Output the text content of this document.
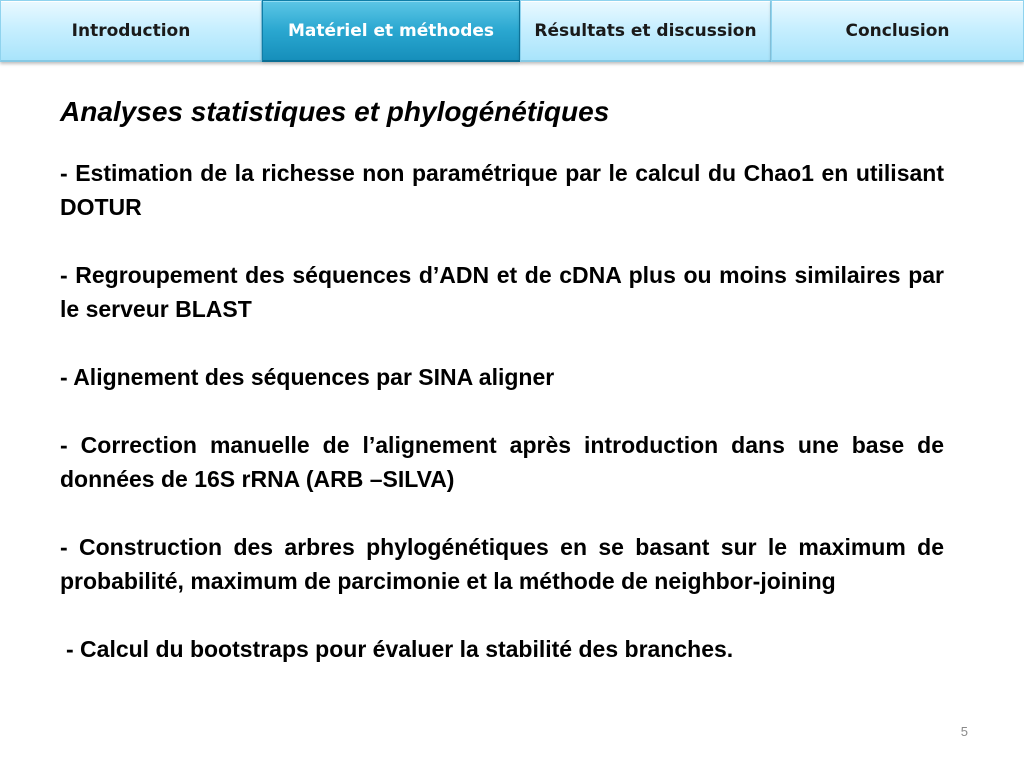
Introduction	Matériel et méthodes	Résultats et discussion	Conclusion
Analyses statistiques et phylogénétiques

- Estimation de la richesse non paramétrique par le calcul du Chao1 en utilisant DOTUR

- Regroupement des séquences d’ADN et de cDNA plus ou moins similaires par le serveur BLAST

- Alignement des séquences par SINA aligner

- Correction manuelle de l’alignement après introduction dans une base de données de 16S rRNA (ARB –SILVA)

- Construction des arbres phylogénétiques en se basant sur le maximum de probabilité, maximum de parcimonie et la méthode de neighbor-joining

- Calcul du bootstraps pour évaluer la stabilité des branches.

5
